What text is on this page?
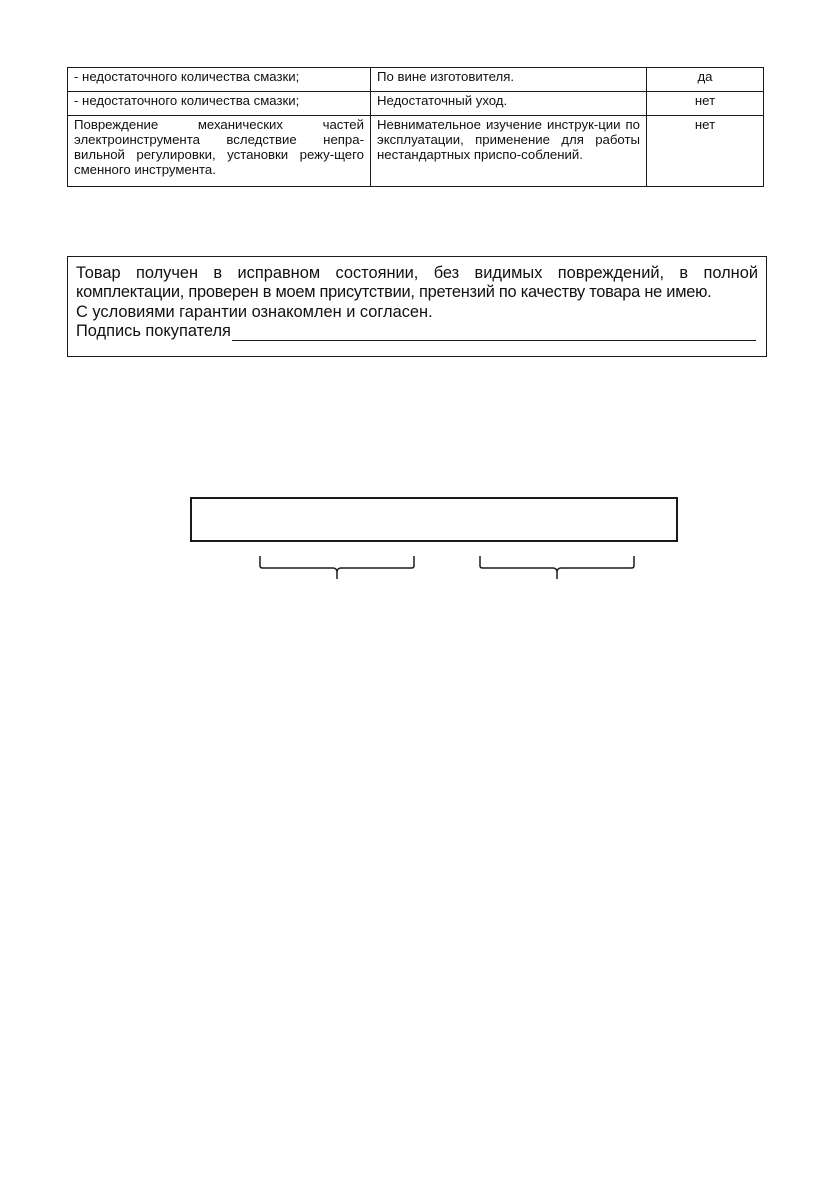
- недостаточного количества смазки;	По вине изготовителя.	да
- недостаточного количества смазки;	Недостаточный уход.	нет
Повреждение механических частей электроинструмента вследствие непра-вильной регулировки, установки режу-щего сменного инструмента.	Невнимательное изучение инструк-ции по эксплуатации, применение для работы нестандартных приспо-соблений.	нет
Товар получен в исправном состоянии, без видимых повреждений, в полной
комплектации, проверен в моем присутствии, претензий по качеству товара не имею.
С условиями гарантии ознакомлен и согласен.
Подпись покупателя
